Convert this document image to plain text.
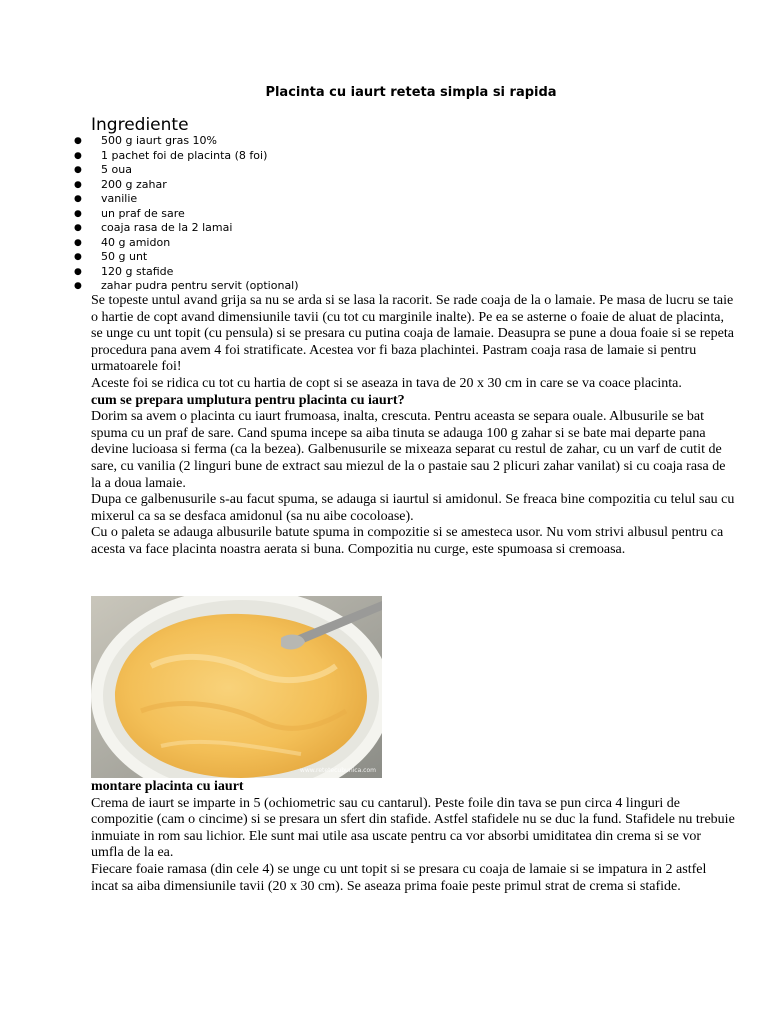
Placinta cu iaurt reteta simpla si rapida
Ingrediente
● 500 g iaurt gras 10%
● 1 pachet foi de placinta (8 foi)
● 5 oua
● 200 g zahar
● vanilie
● un praf de sare
● coaja rasa de la 2 lamai
● 40 g amidon
● 50 g unt
● 120 g stafide
● zahar pudra pentru servit (optional)

Se topeste untul avand grija sa nu se arda si se lasa la racorit. Se rade coaja de la o lamaie. Pe masa de lucru se taie o hartie de copt avand dimensiunile tavii (cu tot cu marginile inalte). Pe ea se asterne o foaie de aluat de placinta, se unge cu unt topit (cu pensula) si se presara cu putina coaja de lamaie. Deasupra se pune a doua foaie si se repeta procedura pana avem 4 foi stratificate. Acestea vor fi baza plachintei. Pastram coaja rasa de lamaie si pentru urmatoarele foi!

Aceste foi se ridica cu tot cu hartia de copt si se aseaza in tava de 20 x 30 cm in care se va coace placinta.

cum se prepara umplutura pentru placinta cu iaurt?

Dorim sa avem o placinta cu iaurt frumoasa, inalta, crescuta. Pentru aceasta se separa ouale. Albusurile se bat spuma cu un praf de sare. Cand spuma incepe sa aiba tinuta se adauga 100 g zahar si se bate mai departe pana devine lucioasa si ferma (ca la bezea). Galbenusurile se mixeaza separat cu restul de zahar, cu un varf de cutit de sare, cu vanilia (2 linguri bune de extract sau miezul de la o pastaie sau 2 plicuri zahar vanilat) si cu coaja rasa de la a doua lamaie.

Dupa ce galbenusurile s-au facut spuma, se adauga si iaurtul si amidonul. Se freaca bine compozitia cu telul sau cu mixerul ca sa se desfaca amidonul (sa nu aibe cocoloase).

Cu o paleta se adauga albusurile batute spuma in compozitie si se amesteca usor. Nu vom strivi albusul pentru ca acesta va face placinta noastra aerata si buna. Compozitia nu curge, este spumoasa si cremoasa.

www.retetecubunica.com

montare placinta cu iaurt

Crema de iaurt se imparte in 5 (ochiometric sau cu cantarul). Peste foile din tava se pun circa 4 linguri de compozitie (cam o cincime) si se presara un sfert din stafide. Astfel stafidele nu se duc la fund. Stafidele nu trebuie inmuiate in rom sau lichior. Ele sunt mai utile asa uscate pentru ca vor absorbi umiditatea din crema si se vor umfla de la ea.

Fiecare foaie ramasa (din cele 4) se unge cu unt topit si se presara cu coaja de lamaie si se impatura in 2 astfel incat sa aiba dimensiunile tavii (20 x 30 cm). Se aseaza prima foaie peste primul strat de crema si stafide.
